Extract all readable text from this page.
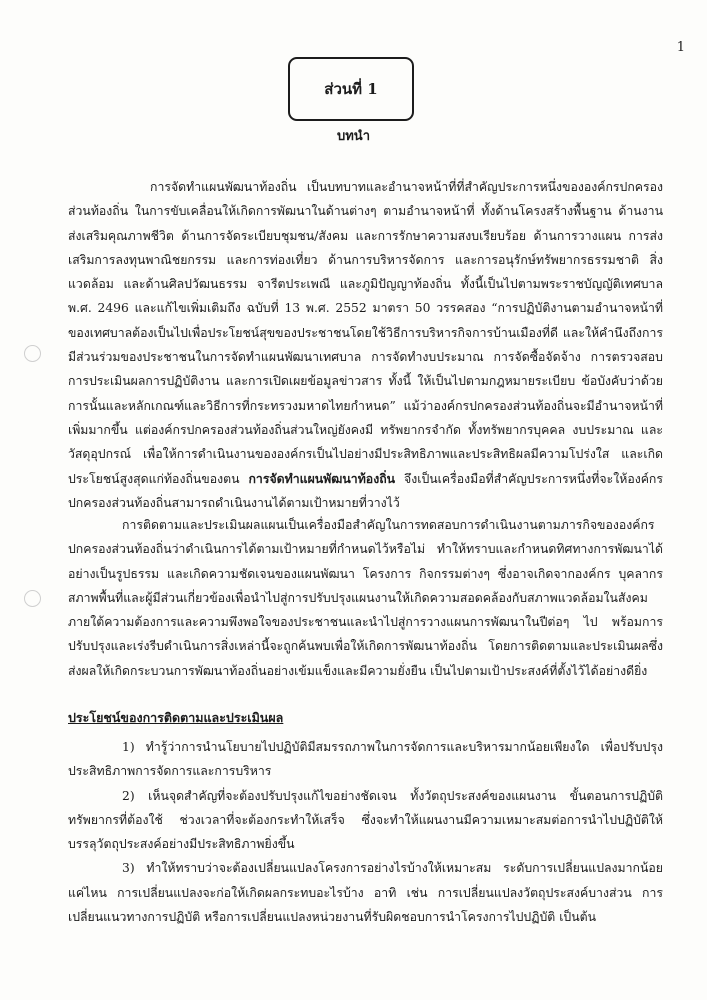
1
ส่วนที่ 1
บทนำ

การจัดทำแผนพัฒนาท้องถิ่น เป็นบทบาทและอำนาจหน้าที่ที่สำคัญประการหนึ่งขององค์กรปกครองส่วนท้องถิ่น ในการขับเคลื่อนให้เกิดการพัฒนาในด้านต่างๆ ตามอำนาจหน้าที่ ทั้งด้านโครงสร้างพื้นฐาน ด้านงานส่งเสริมคุณภาพชีวิต ด้านการจัดระเบียบชุมชน/สังคม และการรักษาความสงบเรียบร้อย ด้านการวางแผน การส่งเสริมการลงทุนพาณิชยกรรม และการท่องเที่ยว ด้านการบริหารจัดการ และการอนุรักษ์ทรัพยากรธรรมชาติ สิ่งแวดล้อม และด้านศิลปวัฒนธรรม จารีตประเพณี และภูมิปัญญาท้องถิ่น ทั้งนี้เป็นไปตามพระราชบัญญัติเทศบาล พ.ศ. 2496 และแก้ไขเพิ่มเติมถึง ฉบับที่ 13 พ.ศ. 2552 มาตรา 50 วรรคสอง “การปฏิบัติงานตามอำนาจหน้าที่ของเทศบาลต้องเป็นไปเพื่อประโยชน์สุขของประชาชนโดยใช้วิธีการบริหารกิจการบ้านเมืองที่ดี และให้คำนึงถึงการมีส่วนร่วมของประชาชนในการจัดทำแผนพัฒนาเทศบาล การจัดทำงบประมาณ การจัดซื้อจัดจ้าง การตรวจสอบ การประเมินผลการปฏิบัติงาน และการเปิดเผยข้อมูลข่าวสาร ทั้งนี้ ให้เป็นไปตามกฎหมายระเบียบ ข้อบังคับว่าด้วยการนั้นและหลักเกณฑ์และวิธีการที่กระทรวงมหาดไทยกำหนด” แม้ว่าองค์กรปกครองส่วนท้องถิ่นจะมีอำนาจหน้าที่เพิ่มมากขึ้น แต่องค์กรปกครองส่วนท้องถิ่นส่วนใหญ่ยังคงมี ทรัพยากรจำกัด ทั้งทรัพยากรบุคคล งบประมาณ และวัสดุอุปกรณ์ เพื่อให้การดำเนินงานขององค์กรเป็นไปอย่างมีประสิทธิภาพและประสิทธิผลมีความโปร่งใส และเกิดประโยชน์สูงสุดแก่ท้องถิ่นของตน การจัดทำแผนพัฒนาท้องถิ่น จึงเป็นเครื่องมือที่สำคัญประการหนึ่งที่จะให้องค์กรปกครองส่วนท้องถิ่นสามารถดำเนินงานได้ตามเป้าหมายที่วางไว้

การติดตามและประเมินผลแผนเป็นเครื่องมือสำคัญในการทดสอบการดำเนินงานตามภารกิจขององค์กรปกครองส่วนท้องถิ่นว่าดำเนินการได้ตามเป้าหมายที่กำหนดไว้หรือไม่ ทำให้ทราบและกำหนดทิศทางการพัฒนาได้อย่างเป็นรูปธรรม และเกิดความชัดเจนของแผนพัฒนา โครงการ กิจกรรมต่างๆ ซึ่งอาจเกิดจากองค์กร บุคลากร สภาพพื้นที่และผู้มีส่วนเกี่ยวข้องเพื่อนำไปสู่การปรับปรุงแผนงานให้เกิดความสอดคล้องกับสภาพแวดล้อมในสังคมภายใต้ความต้องการและความพึงพอใจของประชาชนและนำไปสู่การวางแผนการพัฒนาในปีต่อๆ ไป พร้อมการปรับปรุงและเร่งรีบดำเนินการสิ่งเหล่านี้จะถูกค้นพบเพื่อให้เกิดการพัฒนาท้องถิ่น โดยการติดตามและประเมินผลซึ่งส่งผลให้เกิดกระบวนการพัฒนาท้องถิ่นอย่างเข้มแข็งและมีความยั่งยืน เป็นไปตามเป้าประสงค์ที่ตั้งไว้ได้อย่างดียิ่ง

ประโยชน์ของการติดตามและประเมินผล

1) ทำรู้ว่าการนำนโยบายไปปฏิบัติมีสมรรถภาพในการจัดการและบริหารมากน้อยเพียงใด เพื่อปรับปรุงประสิทธิภาพการจัดการและการบริหาร

2) เห็นจุดสำคัญที่จะต้องปรับปรุงแก้ไขอย่างชัดเจน ทั้งวัตถุประสงค์ของแผนงาน ขั้นตอนการปฏิบัติ ทรัพยากรที่ต้องใช้ ช่วงเวลาที่จะต้องกระทำให้เสร็จ ซึ่งจะทำให้แผนงานมีความเหมาะสมต่อการนำไปปฏิบัติให้บรรลุวัตถุประสงค์อย่างมีประสิทธิภาพยิ่งขึ้น

3) ทำให้ทราบว่าจะต้องเปลี่ยนแปลงโครงการอย่างไรบ้างให้เหมาะสม ระดับการเปลี่ยนแปลงมากน้อยแค่ไหน การเปลี่ยนแปลงจะก่อให้เกิดผลกระทบอะไรบ้าง อาทิ เช่น การเปลี่ยนแปลงวัตถุประสงค์บางส่วน การเปลี่ยนแนวทางการปฏิบัติ หรือการเปลี่ยนแปลงหน่วยงานที่รับผิดชอบการนำโครงการไปปฏิบัติ เป็นต้น
